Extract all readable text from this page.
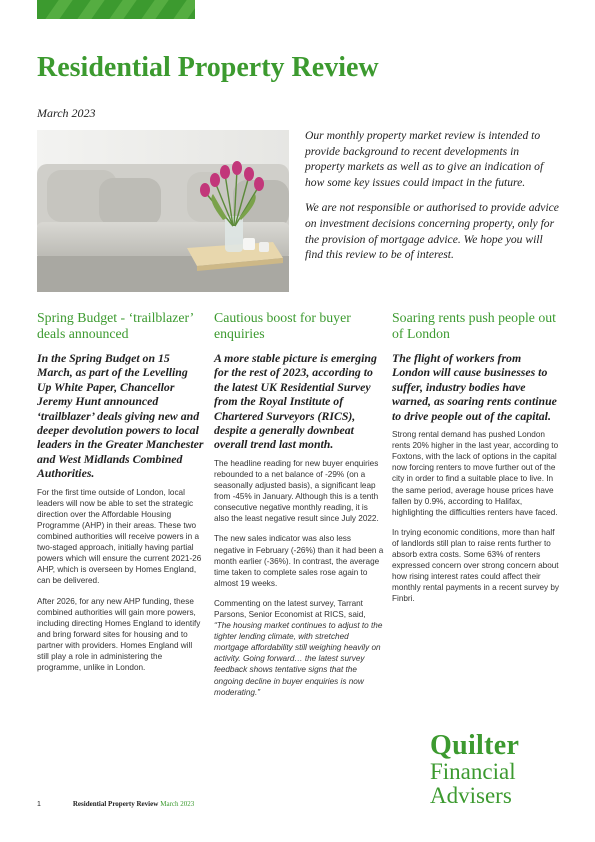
Residential Property Review
March 2023

Our monthly property market review is intended to provide background to recent developments in property markets as well as to give an indication of how some key issues could impact in the future.

We are not responsible or authorised to provide advice on investment decisions concerning property, only for the provision of mortgage advice. We hope you will find this review to be of interest.

Spring Budget - ‘trailblazer’ deals announced
In the Spring Budget on 15 March, as part of the Levelling Up White Paper, Chancellor Jeremy Hunt announced ‘trailblazer’ deals giving new and deeper devolution powers to local leaders in the Greater Manchester and West Midlands Combined Authorities.

For the first time outside of London, local leaders will now be able to set the strategic direction over the Affordable Housing Programme (AHP) in their areas. These two combined authorities will receive powers in a two-staged approach, initially having partial powers which will ensure the current 2021-26 AHP, which is overseen by Homes England, can be delivered.

After 2026, for any new AHP funding, these combined authorities will gain more powers, including directing Homes England to identify and bring forward sites for housing and to partner with providers. Homes England will still play a role in administering the programme, unlike in London.

Cautious boost for buyer enquiries
A more stable picture is emerging for the rest of 2023, according to the latest UK Residential Survey from the Royal Institute of Chartered Surveyors (RICS), despite a generally downbeat overall trend last month.

The headline reading for new buyer enquiries rebounded to a net balance of -29% (on a seasonally adjusted basis), a significant leap from -45% in January. Although this is a tenth consecutive negative monthly reading, it is also the least negative result since July 2022.

The new sales indicator was also less negative in February (-26%) than it had been a month earlier (-36%). In contrast, the average time taken to complete sales rose again to almost 19 weeks.

Commenting on the latest survey, Tarrant Parsons, Senior Economist at RICS, said, “The housing market continues to adjust to the tighter lending climate, with stretched mortgage affordability still weighing heavily on activity. Going forward… the latest survey feedback shows tentative signs that the ongoing decline in buyer enquiries is now moderating.”

Soaring rents push people out of London
The flight of workers from London will cause businesses to suffer, industry bodies have warned, as soaring rents continue to drive people out of the capital.

Strong rental demand has pushed London rents 20% higher in the last year, according to Foxtons, with the lack of options in the capital now forcing renters to move further out of the city in order to find a suitable place to live. In the same period, average house prices have fallen by 0.9%, according to Halifax, highlighting the difficulties renters have faced.

In trying economic conditions, more than half of landlords still plan to raise rents further to absorb extra costs. Some 63% of renters expressed concern over strong concern about how rising interest rates could affect their monthly rental payments in a recent survey by Finbri.

Quilter
Financial
Advisers
1	Residential Property Review March 2023
